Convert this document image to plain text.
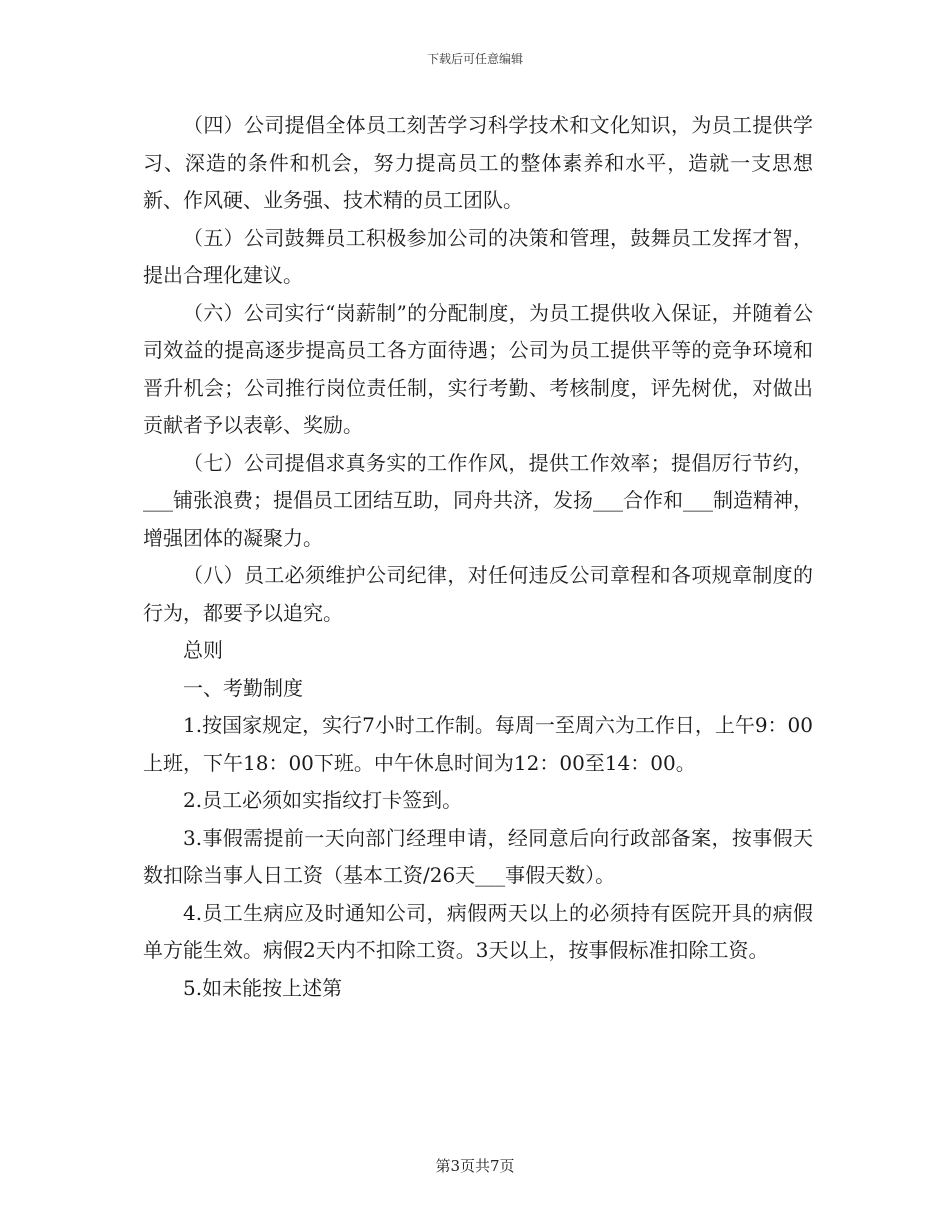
下载后可任意编辑

（四）公司提倡全体员工刻苦学习科学技术和文化知识，为员工提供学习、深造的条件和机会，努力提高员工的整体素养和水平，造就一支思想新、作风硬、业务强、技术精的员工团队。

（五）公司鼓舞员工积极参加公司的决策和管理，鼓舞员工发挥才智，提出合理化建议。

（六）公司实行“岗薪制”的分配制度，为员工提供收入保证，并随着公司效益的提高逐步提高员工各方面待遇；公司为员工提供平等的竞争环境和晋升机会；公司推行岗位责任制，实行考勤、考核制度，评先树优，对做出贡献者予以表彰、奖励。

（七）公司提倡求真务实的工作作风，提供工作效率；提倡厉行节约，___铺张浪费；提倡员工团结互助，同舟共济，发扬___合作和___制造精神，增强团体的凝聚力。

（八）员工必须维护公司纪律，对任何违反公司章程和各项规章制度的行为，都要予以追究。

总则

一、考勤制度

1.按国家规定，实行7小时工作制。每周一至周六为工作日，上午9：00上班，下午18：00下班。中午休息时间为12：00至14：00。

2.员工必须如实指纹打卡签到。

3.事假需提前一天向部门经理申请，经同意后向行政部备案，按事假天数扣除当事人日工资（基本工资/26天___事假天数）。

4.员工生病应及时通知公司，病假两天以上的必须持有医院开具的病假单方能生效。病假2天内不扣除工资。3天以上，按事假标准扣除工资。

5.如未能按上述第

第3页共7页
